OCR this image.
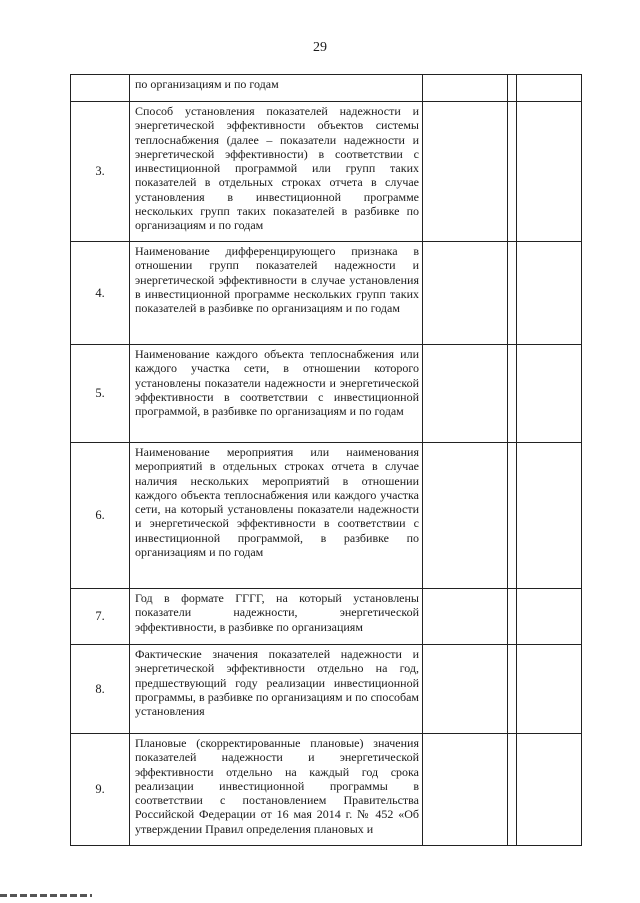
29
	по организациям и по годам			
3.	Способ установления показателей надежности и энергетической эффективности объектов системы теплоснабжения (далее – показатели надежности и энергетической эффективности) в соответствии с инвестиционной программой или групп таких показателей в отдельных строках отчета в случае установления в инвестиционной программе нескольких групп таких показателей в разбивке по организациям и по годам			
4.	Наименование дифференцирующего признака в отношении групп показателей надежности и энергетической эффективности в случае установления в инвестиционной программе нескольких групп таких показателей в разбивке по организациям и по годам			
5.	Наименование каждого объекта теплоснабжения или каждого участка сети, в отношении которого установлены показатели надежности и энергетической эффективности в соответствии с инвестиционной программой, в разбивке по организациям и по годам			
6.	Наименование мероприятия или наименования мероприятий в отдельных строках отчета в случае наличия нескольких мероприятий в отношении каждого объекта теплоснабжения или каждого участка сети, на который установлены показатели надежности и энергетической эффективности в соответствии с инвестиционной программой, в разбивке по организациям и по годам			
7.	Год в формате ГГГГ, на который установлены показатели надежности, энергетической эффективности, в разбивке по организациям			
8.	Фактические значения показателей надежности и энергетической эффективности отдельно на год, предшествующий году реализации инвестиционной программы, в разбивке по организациям и по способам установления			
9.	Плановые (скорректированные плановые) значения показателей надежности и энергетической эффективности отдельно на каждый год срока реализации инвестиционной программы в соответствии с постановлением Правительства Российской Федерации от 16 мая 2014 г. № 452 «Об утверждении Правил определения плановых и			
